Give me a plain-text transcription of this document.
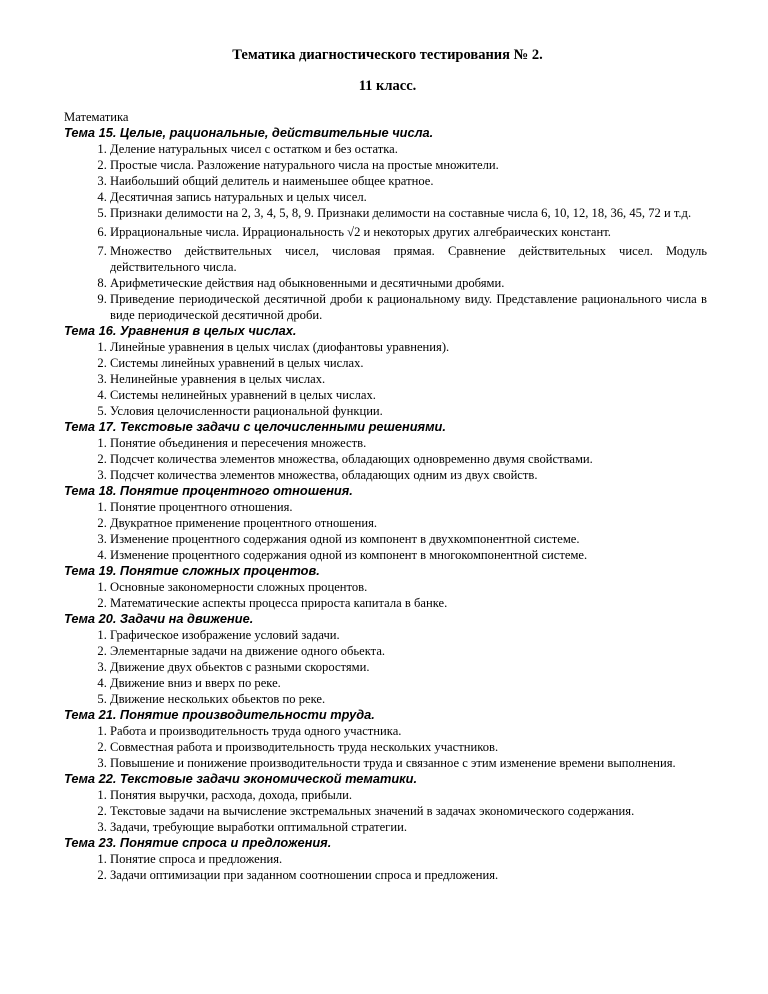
Тематика диагностического тестирования № 2.

11 класс.

Математика

Тема 15. Целые, рациональные, действительные числа.

1. Деление натуральных чисел с остатком и без остатка.
2. Простые числа. Разложение натурального числа на простые множители.
3. Наибольший общий делитель и наименьшее общее кратное.
4. Десятичная запись натуральных и целых чисел.
5. Признаки делимости на 2, 3, 4, 5, 8, 9. Признаки делимости на составные числа 6, 10, 12, 18, 36, 45, 72 и т.д.
6. Иррациональные числа. Иррациональность √2 и некоторых других алгебраических констант.
7. Множество действительных чисел, числовая прямая. Сравнение действительных чисел. Модуль действительного числа.
8. Арифметические действия над обыкновенными и десятичными дробями.
9. Приведение периодической десятичной дроби к рациональному виду. Представление рационального числа в виде периодической десятичной дроби.

Тема 16. Уравнения в целых числах.

1. Линейные уравнения в целых числах (диофантовы уравнения).
2. Системы линейных уравнений в целых числах.
3. Нелинейные уравнения в целых числах.
4. Системы нелинейных уравнений в целых числах.
5. Условия целочисленности рациональной функции.

Тема 17. Текстовые задачи с целочисленными решениями.

1. Понятие объединения и пересечения множеств.
2. Подсчет количества элементов множества, обладающих одновременно двумя свойствами.
3. Подсчет количества элементов множества, обладающих одним из двух свойств.

Тема 18. Понятие процентного отношения.

1. Понятие процентного отношения.
2. Двукратное применение процентного отношения.
3. Изменение процентного содержания одной из компонент в двухкомпонентной системе.
4. Изменение процентного содержания одной из компонент в многокомпонентной системе.

Тема 19. Понятие сложных процентов.

1. Основные закономерности сложных процентов.
2. Математические аспекты процесса прироста капитала в банке.

Тема 20. Задачи на движение.

1. Графическое изображение условий задачи.
2. Элементарные задачи на движение одного обьекта.
3. Движение двух обьектов с разными скоростями.
4. Движение вниз и вверх по реке.
5. Движение нескольких обьектов по реке.

Тема 21. Понятие производительности труда.

1. Работа и производительность труда одного участника.
2. Совместная работа и производительность труда нескольких участников.
3. Повышение и понижение производительности труда и связанное с этим изменение времени выполнения.

Тема 22. Текстовые задачи экономической тематики.

1. Понятия выручки, расхода, дохода, прибыли.
2. Текстовые задачи на вычисление экстремальных значений в задачах экономического содержания.
3. Задачи, требующие выработки оптимальной стратегии.

Тема 23. Понятие спроса и предложения.

1. Понятие спроса и предложения.
2. Задачи оптимизации при заданном соотношении спроса и предложения.
